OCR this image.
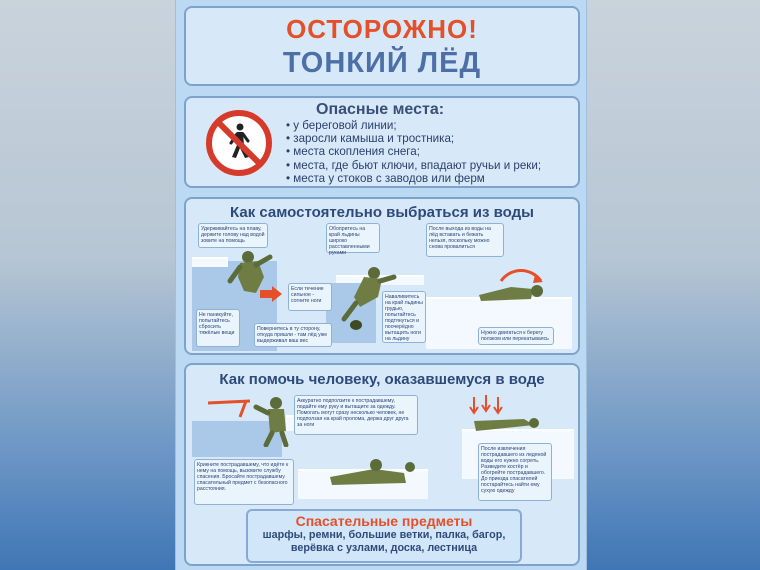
ОСТОРОЖНО!
ТОНКИЙ ЛЁД
Опасные места:
• у береговой линии;
• заросли камыша и тростника;
• места скопления снега;
• места, где бьют ключи, впадают ручьи и реки;
• места у стоков с заводов или ферм
Как самостоятельно выбраться из воды
Удерживайтесь на плаву, держите голову над водой зовите на помощь
Обопритесь на край льдины широко расставленными руками
После выхода из воды на лёд вставать и бежать нельзя, поскольку можно снова провалиться
Не паникуйте, попытайтесь сбросить тяжёлые вещи
Если течение сильное - согните ноги
Повернитесь в ту сторону, откуда пришли - там лёд уже выдерживал ваш вес
Наваливитесь на край льдины грудью, попытайтесь подтянуться и поочерёдно вытащить ноги на льдину
Нужно двигаться к берегу ползком или перекатываясь
Как помочь человеку, оказавшемуся в воде
Аккуратно подползите к пострадавшему, подайте ему руку и вытащите за одежду. Помогать могут сразу несколько человек, не подползая на край пролома, держа друг друга за ноги
Крикните пострадавшему, что идёте к нему на помощь, вызовите службу спасения. Бросайте пострадавшему спасательный предмет с безопасного расстояния.
После извлечения пострадавшего из ледяной воды его нужно согреть. Разведите костёр и обогрейте пострадавшего. До приезда спасателей постарайтесь найти ему сухую одежду
Спасательные предметы
шарфы, ремни, большие ветки, палка, багор,
верёвка с узлами, доска, лестница
